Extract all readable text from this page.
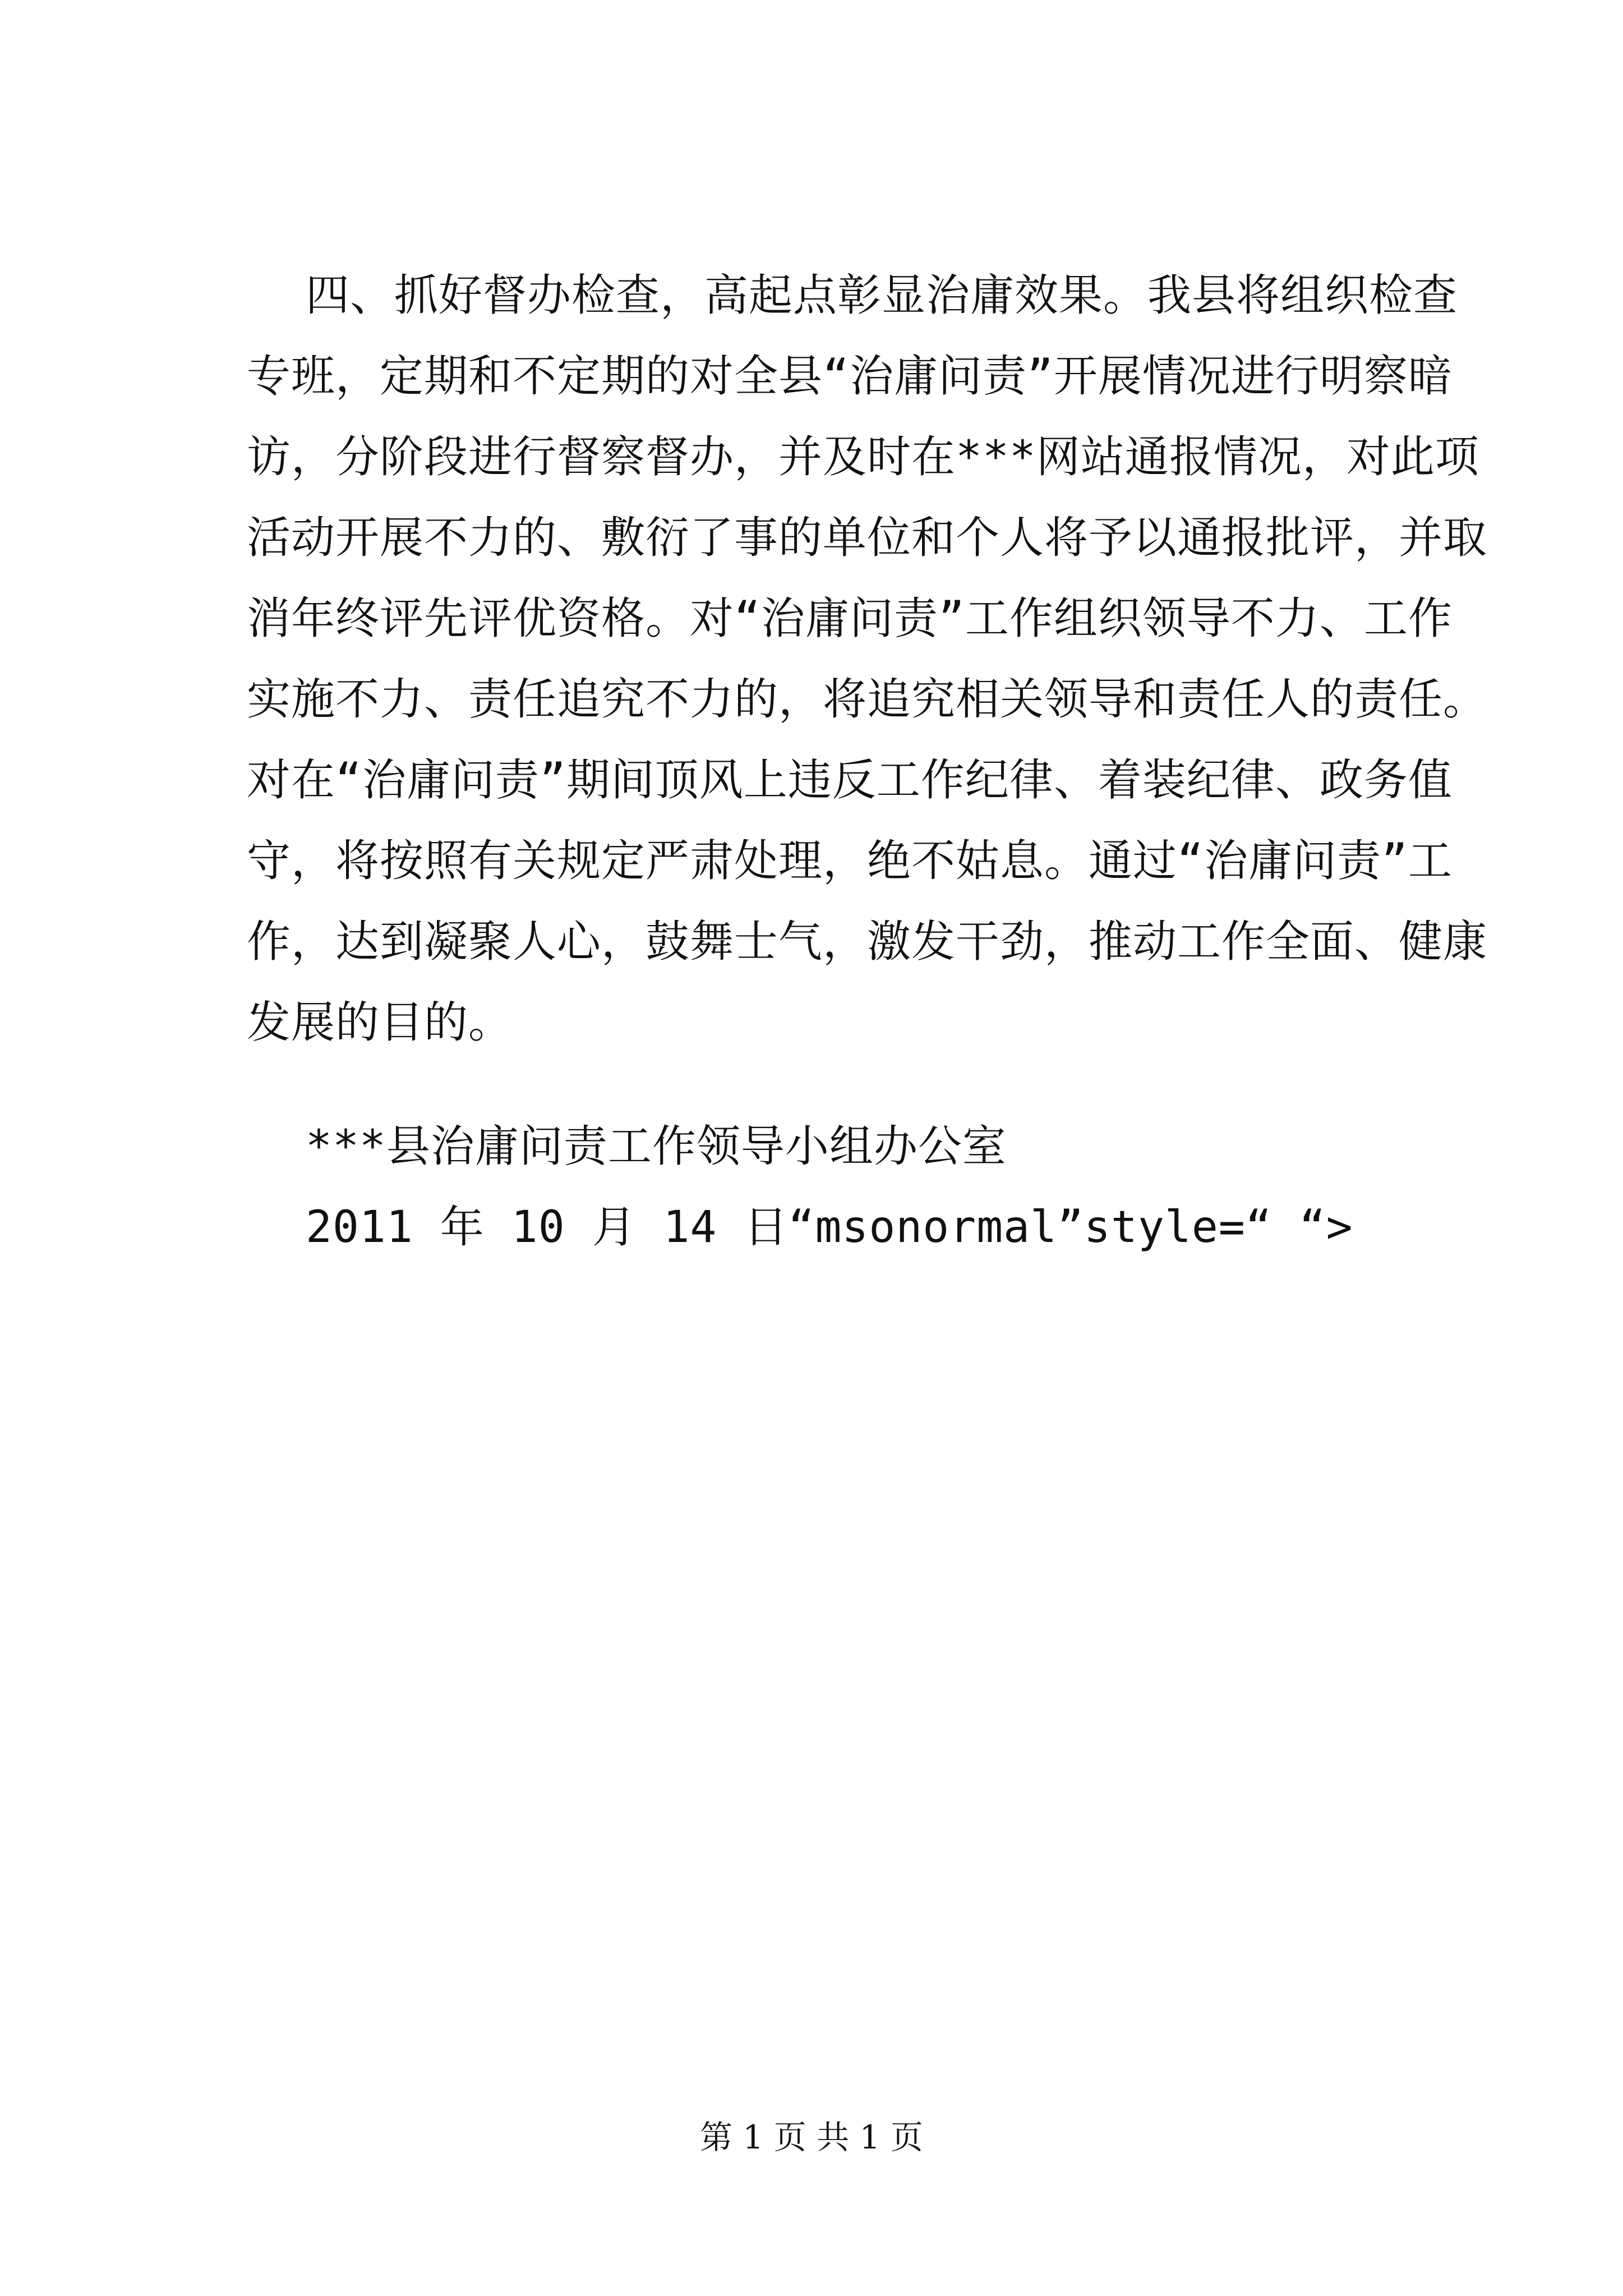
四、抓好督办检查，高起点彰显治庸效果。我县将组织检查
专班，定期和不定期的对全县“治庸问责”开展情况进行明察暗
访，分阶段进行督察督办，并及时在***网站通报情况，对此项
活动开展不力的、敷衍了事的单位和个人将予以通报批评，并取
消年终评先评优资格。对“治庸问责”工作组织领导不力、工作
实施不力、责任追究不力的，将追究相关领导和责任人的责任。
对在“治庸问责”期间顶风上违反工作纪律、着装纪律、政务值
守，将按照有关规定严肃处理，绝不姑息。通过“治庸问责”工
作，达到凝聚人心，鼓舞士气，激发干劲，推动工作全面、健康
发展的目的。
***县治庸问责工作领导小组办公室
2011 年 10 月 14 日“msonormal”style=“ “>
第 1 页 共 1 页
